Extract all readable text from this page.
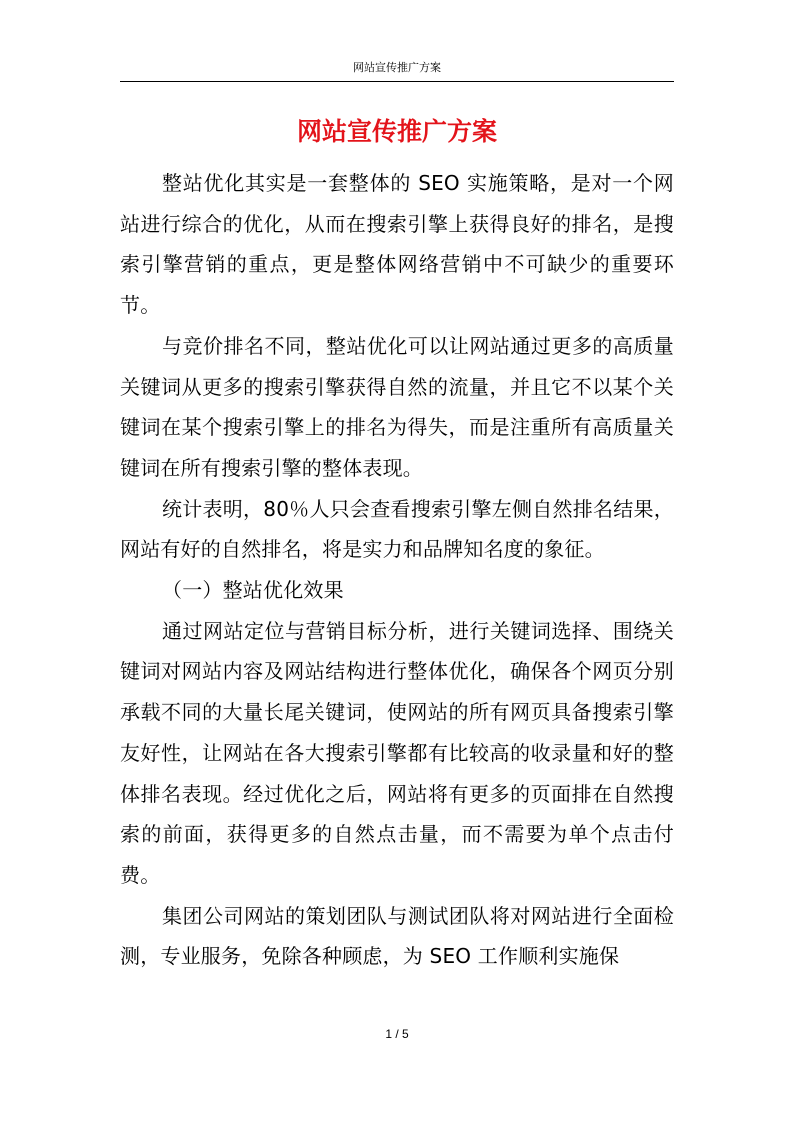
网站宣传推广方案
网站宣传推广方案

整站优化其实是一套整体的 SEO 实施策略，是对一个网站进行综合的优化，从而在搜索引擎上获得良好的排名，是搜索引擎营销的重点，更是整体网络营销中不可缺少的重要环节。

与竞价排名不同，整站优化可以让网站通过更多的高质量关键词从更多的搜索引擎获得自然的流量，并且它不以某个关键词在某个搜索引擎上的排名为得失，而是注重所有高质量关键词在所有搜索引擎的整体表现。

统计表明，80％人只会查看搜索引擎左侧自然排名结果，网站有好的自然排名，将是实力和品牌知名度的象征。

（一）整站优化效果

通过网站定位与营销目标分析，进行关键词选择、围绕关键词对网站内容及网站结构进行整体优化，确保各个网页分别承载不同的大量长尾关键词，使网站的所有网页具备搜索引擎友好性，让网站在各大搜索引擎都有比较高的收录量和好的整体排名表现。经过优化之后，网站将有更多的页面排在自然搜索的前面，获得更多的自然点击量，而不需要为单个点击付费。

集团公司网站的策划团队与测试团队将对网站进行全面检测，专业服务，免除各种顾虑，为 SEO 工作顺利实施保

1 / 5
